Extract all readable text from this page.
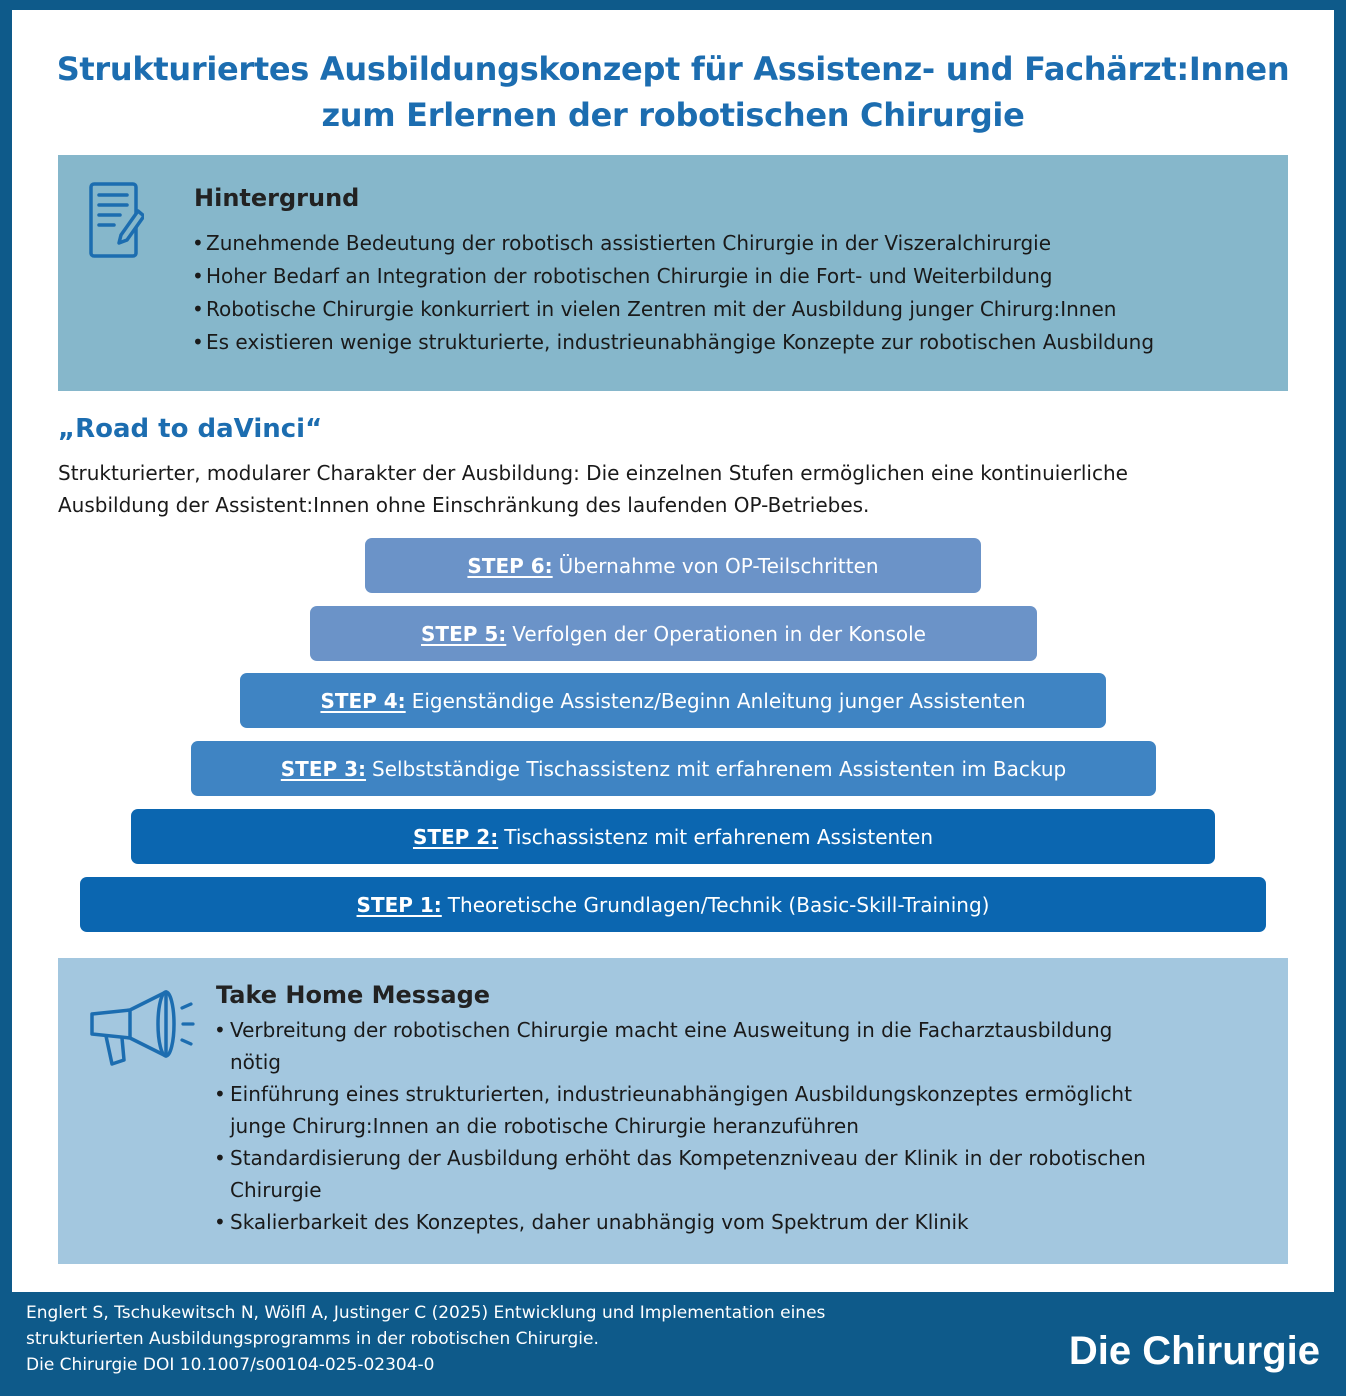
Strukturiertes Ausbildungskonzept für Assistenz- und Fachärzt:Innen
zum Erlernen der robotischen Chirurgie
Hintergrund
• Zunehmende Bedeutung der robotisch assistierten Chirurgie in der Viszeralchirurgie
• Hoher Bedarf an Integration der robotischen Chirurgie in die Fort- und Weiterbildung
• Robotische Chirurgie konkurriert in vielen Zentren mit der Ausbildung junger Chirurg:Innen
• Es existieren wenige strukturierte, industrieunabhängige Konzepte zur robotischen Ausbildung
„Road to daVinci“
Strukturierter, modularer Charakter der Ausbildung: Die einzelnen Stufen ermöglichen eine kontinuierliche
Ausbildung der Assistent:Innen ohne Einschränkung des laufenden OP-Betriebes.
STEP 6: Übernahme von OP-Teilschritten
STEP 5: Verfolgen der Operationen in der Konsole
STEP 4: Eigenständige Assistenz/Beginn Anleitung junger Assistenten
STEP 3: Selbstständige Tischassistenz mit erfahrenem Assistenten im Backup
STEP 2: Tischassistenz mit erfahrenem Assistenten
STEP 1: Theoretische Grundlagen/Technik (Basic-Skill-Training)
Take Home Message
• Verbreitung der robotischen Chirurgie macht eine Ausweitung in die Facharztausbildung
nötig
• Einführung eines strukturierten, industrieunabhängigen Ausbildungskonzeptes ermöglicht
junge Chirurg:Innen an die robotische Chirurgie heranzuführen
• Standardisierung der Ausbildung erhöht das Kompetenzniveau der Klinik in der robotischen
Chirurgie
• Skalierbarkeit des Konzeptes, daher unabhängig vom Spektrum der Klinik
Englert S, Tschukewitsch N, Wölfl A, Justinger C (2025) Entwicklung und Implementation eines
strukturierten Ausbildungsprogramms in der robotischen Chirurgie.
Die Chirurgie DOI 10.1007/s00104-025-02304-0	Die Chirurgie
